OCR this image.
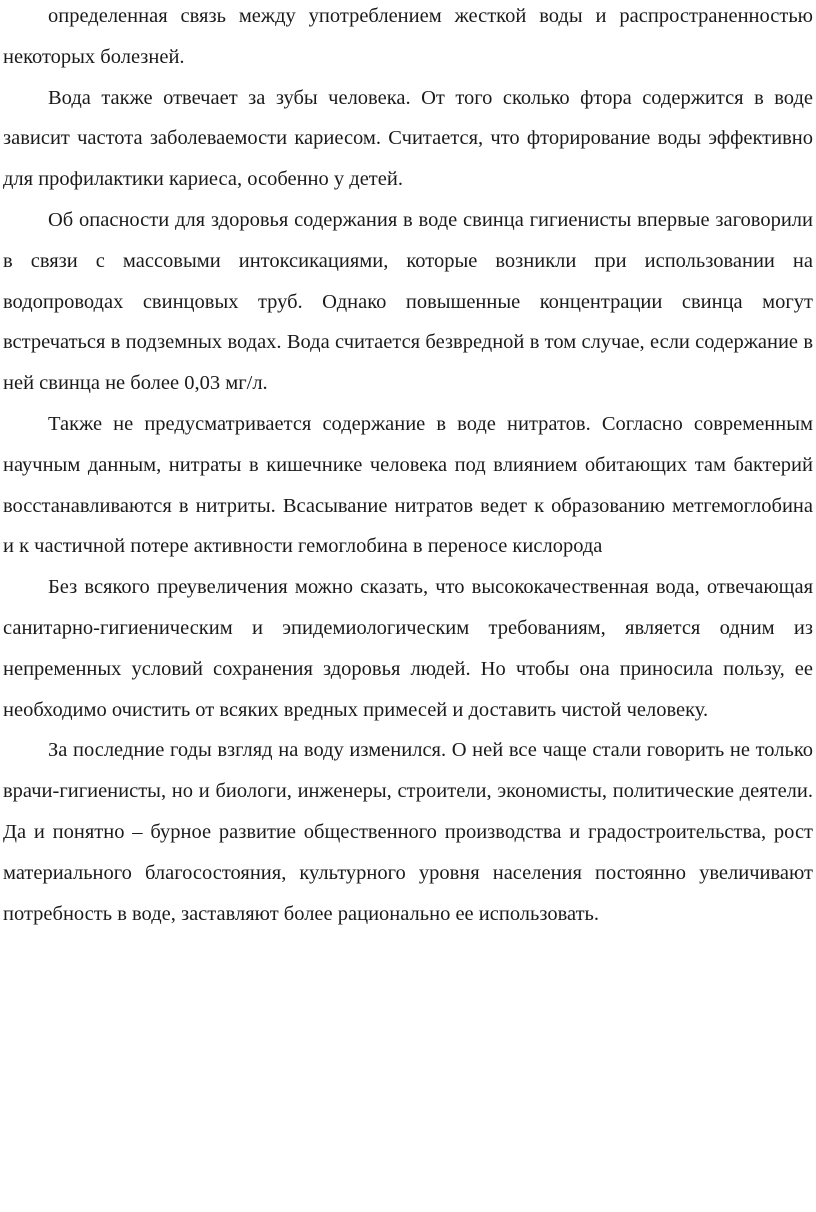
определенная связь между употреблением жесткой воды и распространенностью некоторых болезней.

Вода также отвечает за зубы человека. От того сколько фтора содержится в воде зависит частота заболеваемости кариесом. Считается, что фторирование воды эффективно для профилактики кариеса, особенно у детей.

Об опасности для здоровья содержания в воде свинца гигиенисты впервые заговорили в связи с массовыми интоксикациями, которые возникли при использовании на водопроводах свинцовых труб. Однако повышенные концентрации свинца могут встречаться в подземных водах. Вода считается безвредной в том случае, если содержание в ней свинца не более 0,03 мг/л.

Также не предусматривается содержание в воде нитратов. Согласно современным научным данным, нитраты в кишечнике человека под влиянием обитающих там бактерий восстанавливаются в нитриты. Всасывание нитратов ведет к образованию метгемоглобина и к частичной потере активности гемоглобина в переносе кислорода

Без всякого преувеличения можно сказать, что высококачественная вода, отвечающая санитарно-гигиеническим и эпидемиологическим требованиям, является одним из непременных условий сохранения здоровья людей. Но чтобы она приносила пользу, ее необходимо очистить от всяких вредных примесей и доставить чистой человеку.

За последние годы взгляд на воду изменился. О ней все чаще стали говорить не только врачи-гигиенисты, но и биологи, инженеры, строители, экономисты, политические деятели. Да и понятно – бурное развитие общественного производства и градостроительства, рост материального благосостояния, культурного уровня населения постоянно увеличивают потребность в воде, заставляют более рационально ее использовать.
